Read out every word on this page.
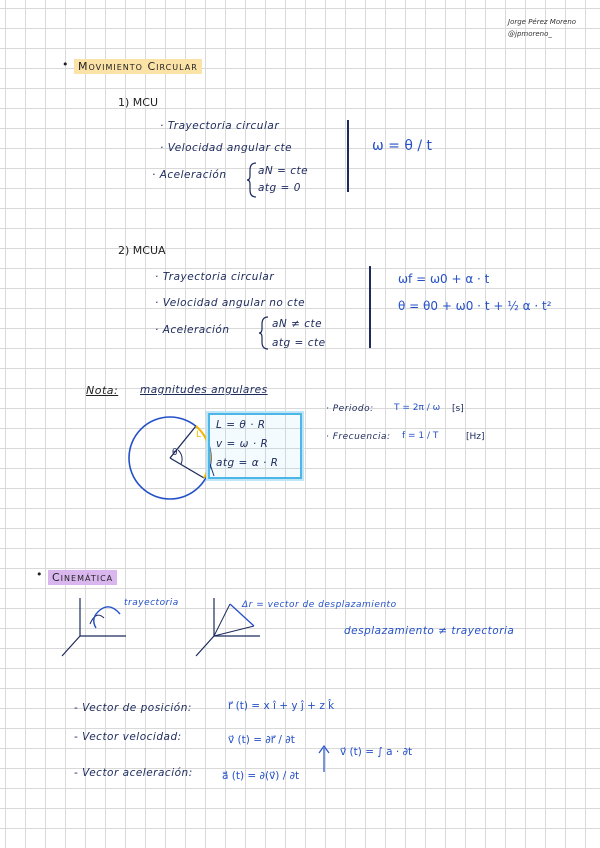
Jorge Pérez Moreno
@jpmoreno_
• Movimiento Circular
1) MCU
· Trayectoria circular
· Velocidad angular cte
· Aceleración	aN = cte
atg = 0
ω = θ / t
2) MCUA
· Trayectoria circular
· Velocidad angular no cte
· Aceleración	aN ≠ cte
atg = cte
ωf = ω0 + α · t
θ = θ0 + ω0 · t + ½ α · t²
Nota: magnitudes angulares
θ
L
L = θ · R
v = ω · R
atg = α · R
· Periodo: T = 2π / ω [s]
· Frecuencia: f = 1 / T	[Hz]
• Cinemática
trayectoria	Δr = vector de desplazamiento
desplazamiento ≠ trayectoria
- Vector de posición:	r⃗ (t) = x î + y ĵ + z k̂
- Vector velocidad:	v⃗ (t) = ∂r⃗ / ∂t
- Vector aceleración:	a⃗ (t) = ∂(v⃗) / ∂t
v⃗ (t) = ∫ a · ∂t
